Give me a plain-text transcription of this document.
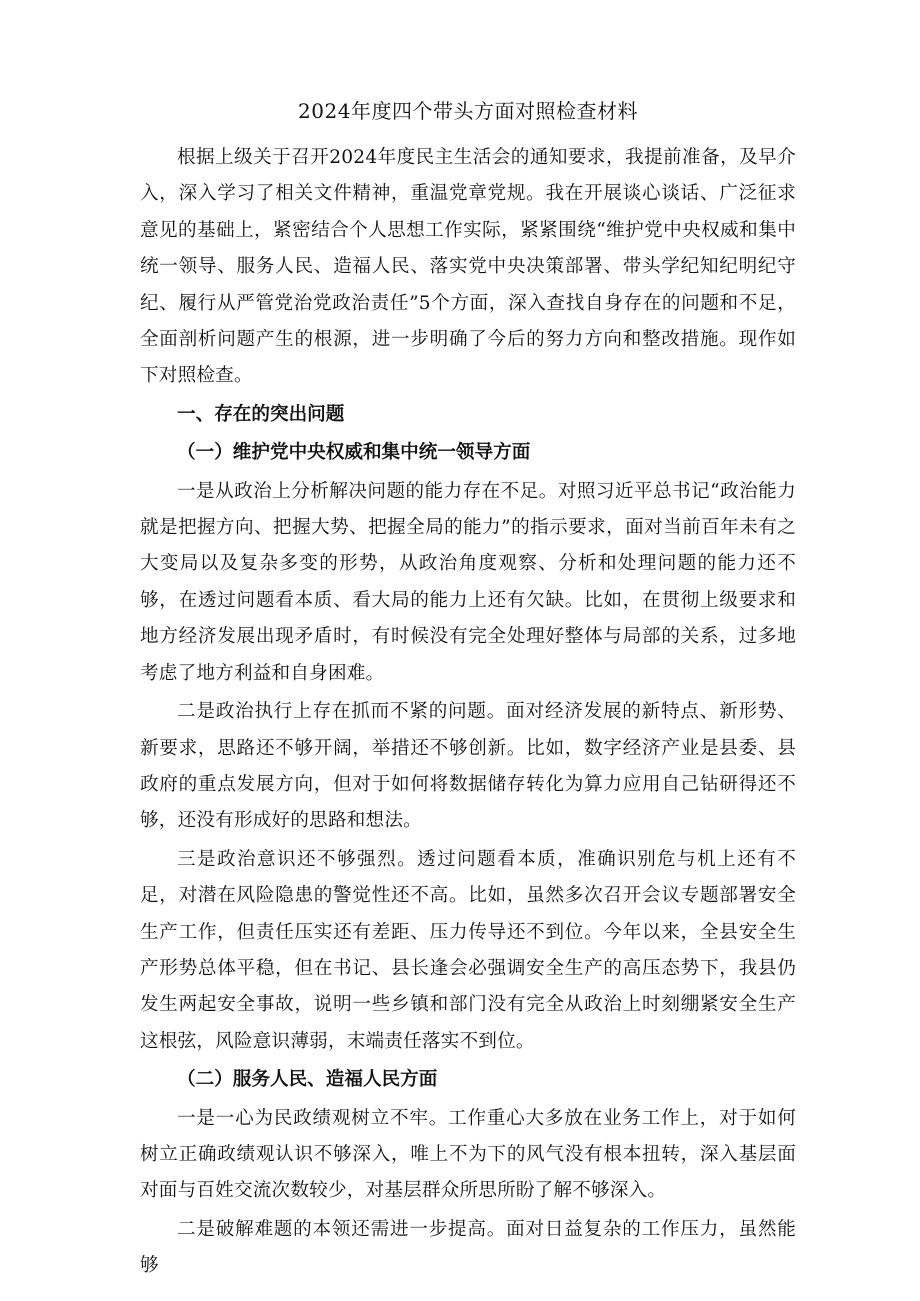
2024年度四个带头方面对照检查材料

根据上级关于召开2024年度民主生活会的通知要求，我提前准备，及早介入，深入学习了相关文件精神，重温党章党规。我在开展谈心谈话、广泛征求意见的基础上，紧密结合个人思想工作实际，紧紧围绕“维护党中央权威和集中统一领导、服务人民、造福人民、落实党中央决策部署、带头学纪知纪明纪守纪、履行从严管党治党政治责任”5个方面，深入查找自身存在的问题和不足，全面剖析问题产生的根源，进一步明确了今后的努力方向和整改措施。现作如下对照检查。

一、存在的突出问题

（一）维护党中央权威和集中统一领导方面

一是从政治上分析解决问题的能力存在不足。对照习近平总书记“政治能力就是把握方向、把握大势、把握全局的能力”的指示要求，面对当前百年未有之大变局以及复杂多变的形势，从政治角度观察、分析和处理问题的能力还不够，在透过问题看本质、看大局的能力上还有欠缺。比如，在贯彻上级要求和地方经济发展出现矛盾时，有时候没有完全处理好整体与局部的关系，过多地考虑了地方利益和自身困难。

二是政治执行上存在抓而不紧的问题。面对经济发展的新特点、新形势、新要求，思路还不够开阔，举措还不够创新。比如，数字经济产业是县委、县政府的重点发展方向，但对于如何将数据储存转化为算力应用自己钻研得还不够，还没有形成好的思路和想法。

三是政治意识还不够强烈。透过问题看本质，准确识别危与机上还有不足，对潜在风险隐患的警觉性还不高。比如，虽然多次召开会议专题部署安全生产工作，但责任压实还有差距、压力传导还不到位。今年以来，全县安全生产形势总体平稳，但在书记、县长逢会必强调安全生产的高压态势下，我县仍发生两起安全事故，说明一些乡镇和部门没有完全从政治上时刻绷紧安全生产这根弦，风险意识薄弱，末端责任落实不到位。

（二）服务人民、造福人民方面

一是一心为民政绩观树立不牢。工作重心大多放在业务工作上，对于如何树立正确政绩观认识不够深入，唯上不为下的风气没有根本扭转，深入基层面对面与百姓交流次数较少，对基层群众所思所盼了解不够深入。

二是破解难题的本领还需进一步提高。面对日益复杂的工作压力，虽然能够
